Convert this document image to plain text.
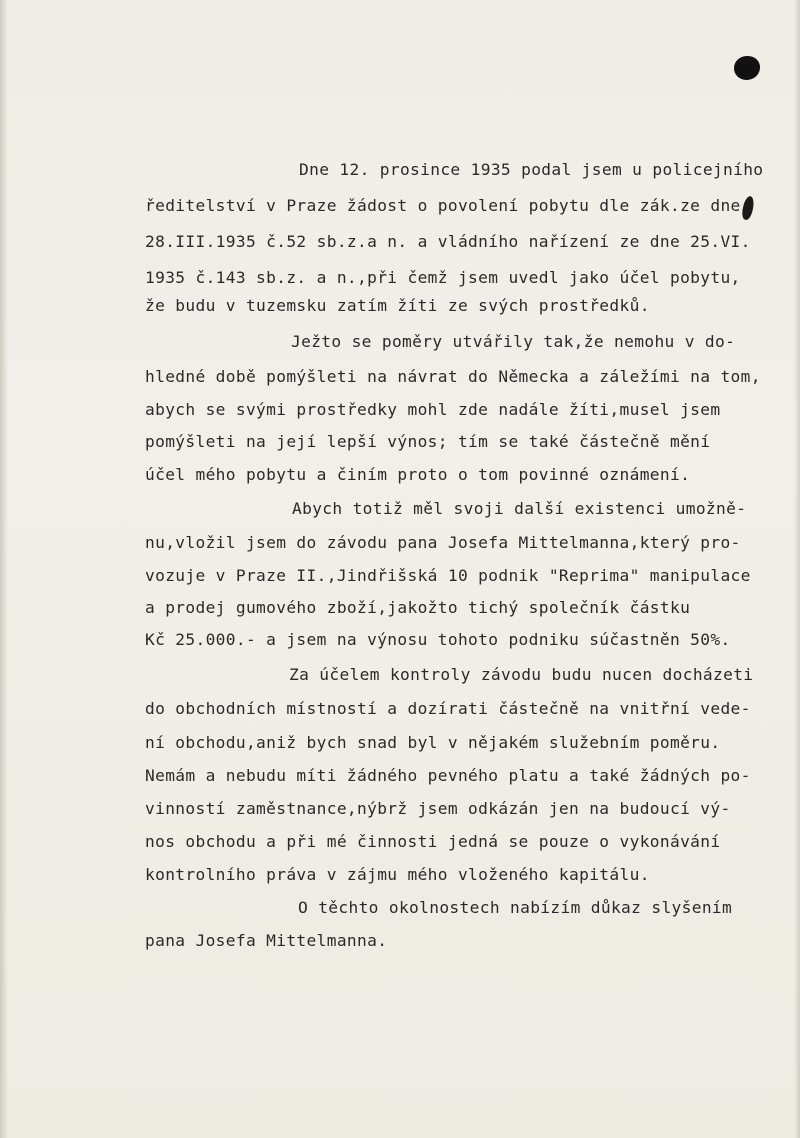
Dne 12. prosince 1935 podal jsem u policejního
ředitelství v Praze žádost o povolení pobytu dle zák.ze dne
28.III.1935 č.52 sb.z.a n. a vládního nařízení ze dne 25.VI.
1935 č.143 sb.z. a n.,při čemž jsem uvedl jako účel pobytu,
že budu v tuzemsku zatím žíti ze svých prostředků.
Ježto se poměry utvářily tak,že nemohu v do-
hledné době pomýšleti na návrat do Německa a záležími na tom,
abych se svými prostředky mohl zde nadále žíti,musel jsem
pomýšleti na její lepší výnos; tím se také částečně mění
účel mého pobytu a činím proto o tom povinné oznámení.
Abych totiž měl svoji další existenci umožně-
nu,vložil jsem do závodu pana Josefa Mittelmanna,který pro-
vozuje v Praze II.,Jindřišská 10 podnik "Reprima" manipulace
a prodej gumového zboží,jakožto tichý společník částku
Kč 25.000.- a jsem na výnosu tohoto podniku súčastněn 50%.
Za účelem kontroly závodu budu nucen docházeti
do obchodních místností a dozírati částečně na vnitřní vede-
ní obchodu,aniž bych snad byl v nějakém služebním poměru.
Nemám a nebudu míti žádného pevného platu a také žádných po-
vinností zaměstnance,nýbrž jsem odkázán jen na budoucí vý-
nos obchodu a při mé činnosti jedná se pouze o vykonávání
kontrolního práva v zájmu mého vloženého kapitálu.
O těchto okolnostech nabízím důkaz slyšením
pana Josefa Mittelmanna.
